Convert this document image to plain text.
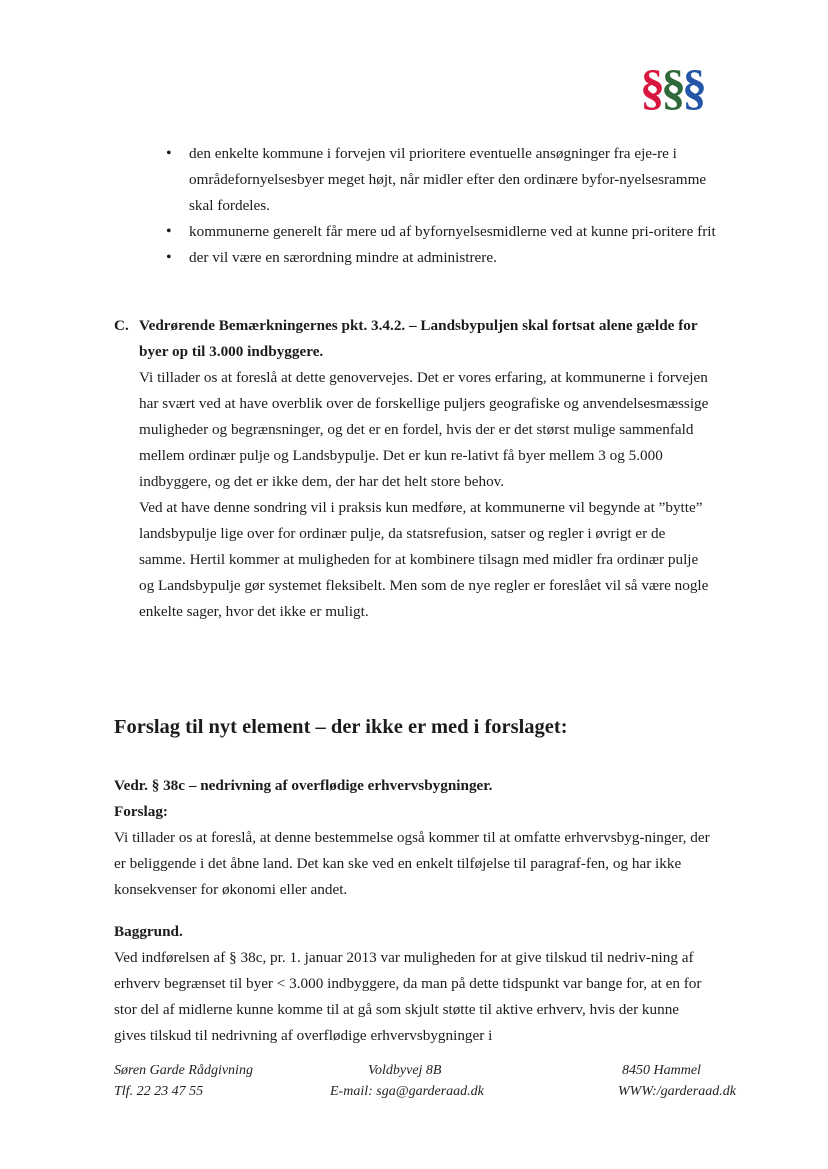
§§§
• den enkelte kommune i forvejen vil prioritere eventuelle ansøgninger fra eje-re i områdefornyelsesbyer meget højt, når midler efter den ordinære byfor-nyelsesramme skal fordeles.
• kommunerne generelt får mere ud af byfornyelsesmidlerne ved at kunne pri-oritere frit
• der vil være en særordning mindre at administrere.
C. Vedrørende Bemærkningernes pkt. 3.4.2. – Landsbypuljen skal fortsat alene gælde for byer op til 3.000 indbyggere.

Vi tillader os at foreslå at dette genovervejes. Det er vores erfaring, at kommunerne i forvejen har svært ved at have overblik over de forskellige puljers geografiske og anvendelsesmæssige muligheder og begrænsninger, og det er en fordel, hvis der er det størst mulige sammenfald mellem ordinær pulje og Landsbypulje. Det er kun re-lativt få byer mellem 3 og 5.000 indbyggere, og det er ikke dem, der har det helt store behov.

Ved at have denne sondring vil i praksis kun medføre, at kommunerne vil begynde at ”bytte” landsbypulje lige over for ordinær pulje, da statsrefusion, satser og regler i øvrigt er de samme. Hertil kommer at muligheden for at kombinere tilsagn med midler fra ordinær pulje og Landsbypulje gør systemet fleksibelt. Men som de nye regler er foreslået vil så være nogle enkelte sager, hvor det ikke er muligt.

Forslag til nyt element – der ikke er med i forslaget:
Vedr. § 38c – nedrivning af overflødige erhvervsbygninger.
Forslag:

Vi tillader os at foreslå, at denne bestemmelse også kommer til at omfatte erhvervsbyg-ninger, der er beliggende i det åbne land. Det kan ske ved en enkelt tilføjelse til paragraf-fen, og har ikke konsekvenser for økonomi eller andet.

Baggrund.

Ved indførelsen af § 38c, pr. 1. januar 2013 var muligheden for at give tilskud til nedriv-ning af erhverv begrænset til byer < 3.000 indbyggere, da man på dette tidspunkt var bange for, at en for stor del af midlerne kunne komme til at gå som skjult støtte til aktive erhverv, hvis der kunne gives tilskud til nedrivning af overflødige erhvervsbygninger i

Søren Garde Rådgivning	Voldbyvej 8B	8450 Hammel
Tlf. 22 23 47 55	E-mail: sga@garderaad.dk	WWW:/garderaad.dk
